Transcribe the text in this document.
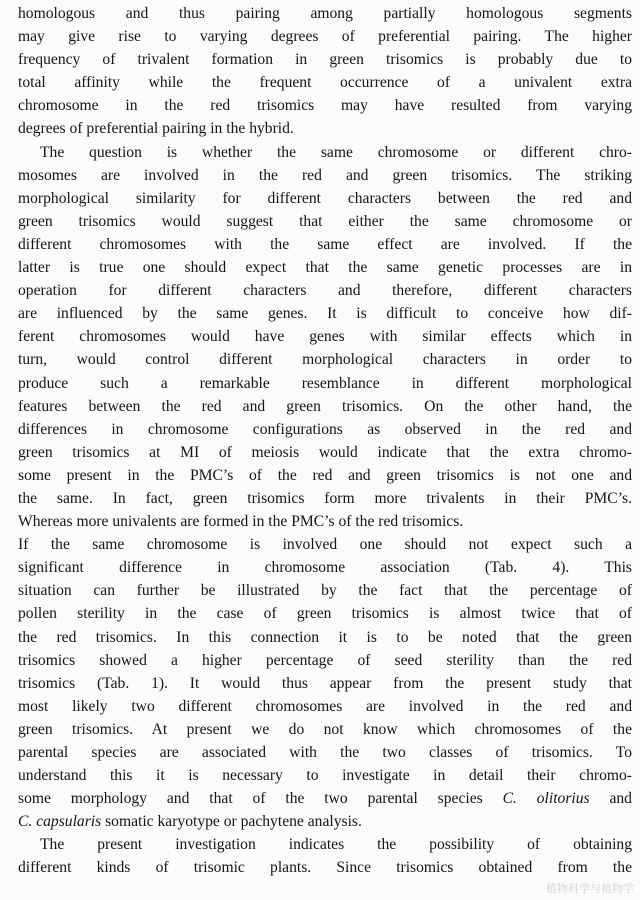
homologous and thus pairing among partially homologous segments
may give rise to varying degrees of preferential pairing. The higher
frequency of trivalent formation in green trisomics is probably due to
total affinity while the frequent occurrence of a univalent extra
chromosome in the red trisomics may have resulted from varying
degrees of preferential pairing in the hybrid.
The question is whether the same chromosome or different chro-
mosomes are involved in the red and green trisomics. The striking
morphological similarity for different characters between the red and
green trisomics would suggest that either the same chromosome or
different chromosomes with the same effect are involved. If the
latter is true one should expect that the same genetic processes are in
operation for different characters and therefore, different characters
are influenced by the same genes. It is difficult to conceive how dif-
ferent chromosomes would have genes with similar effects which in
turn, would control different morphological characters in order to
produce such a remarkable resemblance in different morphological
features between the red and green trisomics. On the other hand, the
differences in chromosome configurations as observed in the red and
green trisomics at MI of meiosis would indicate that the extra chromo-
some present in the PMC’s of the red and green trisomics is not one and
the same. In fact, green trisomics form more trivalents in their PMC’s.
Whereas more univalents are formed in the PMC’s of the red trisomics.
If the same chromosome is involved one should not expect such a
significant difference in chromosome association (Tab. 4). This
situation can further be illustrated by the fact that the percentage of
pollen sterility in the case of green trisomics is almost twice that of
the red trisomics. In this connection it is to be noted that the green
trisomics showed a higher percentage of seed sterility than the red
trisomics (Tab. 1). It would thus appear from the present study that
most likely two different chromosomes are involved in the red and
green trisomics. At present we do not know which chromosomes of the
parental species are associated with the two classes of trisomics. To
understand this it is necessary to investigate in detail their chromo-
some morphology and that of the two parental species C. olitorius and
C. capsularis somatic karyotype or pachytene analysis.
The present investigation indicates the possibility of obtaining
different kinds of trisomic plants. Since trisomics obtained from the
植物科学与植物学
